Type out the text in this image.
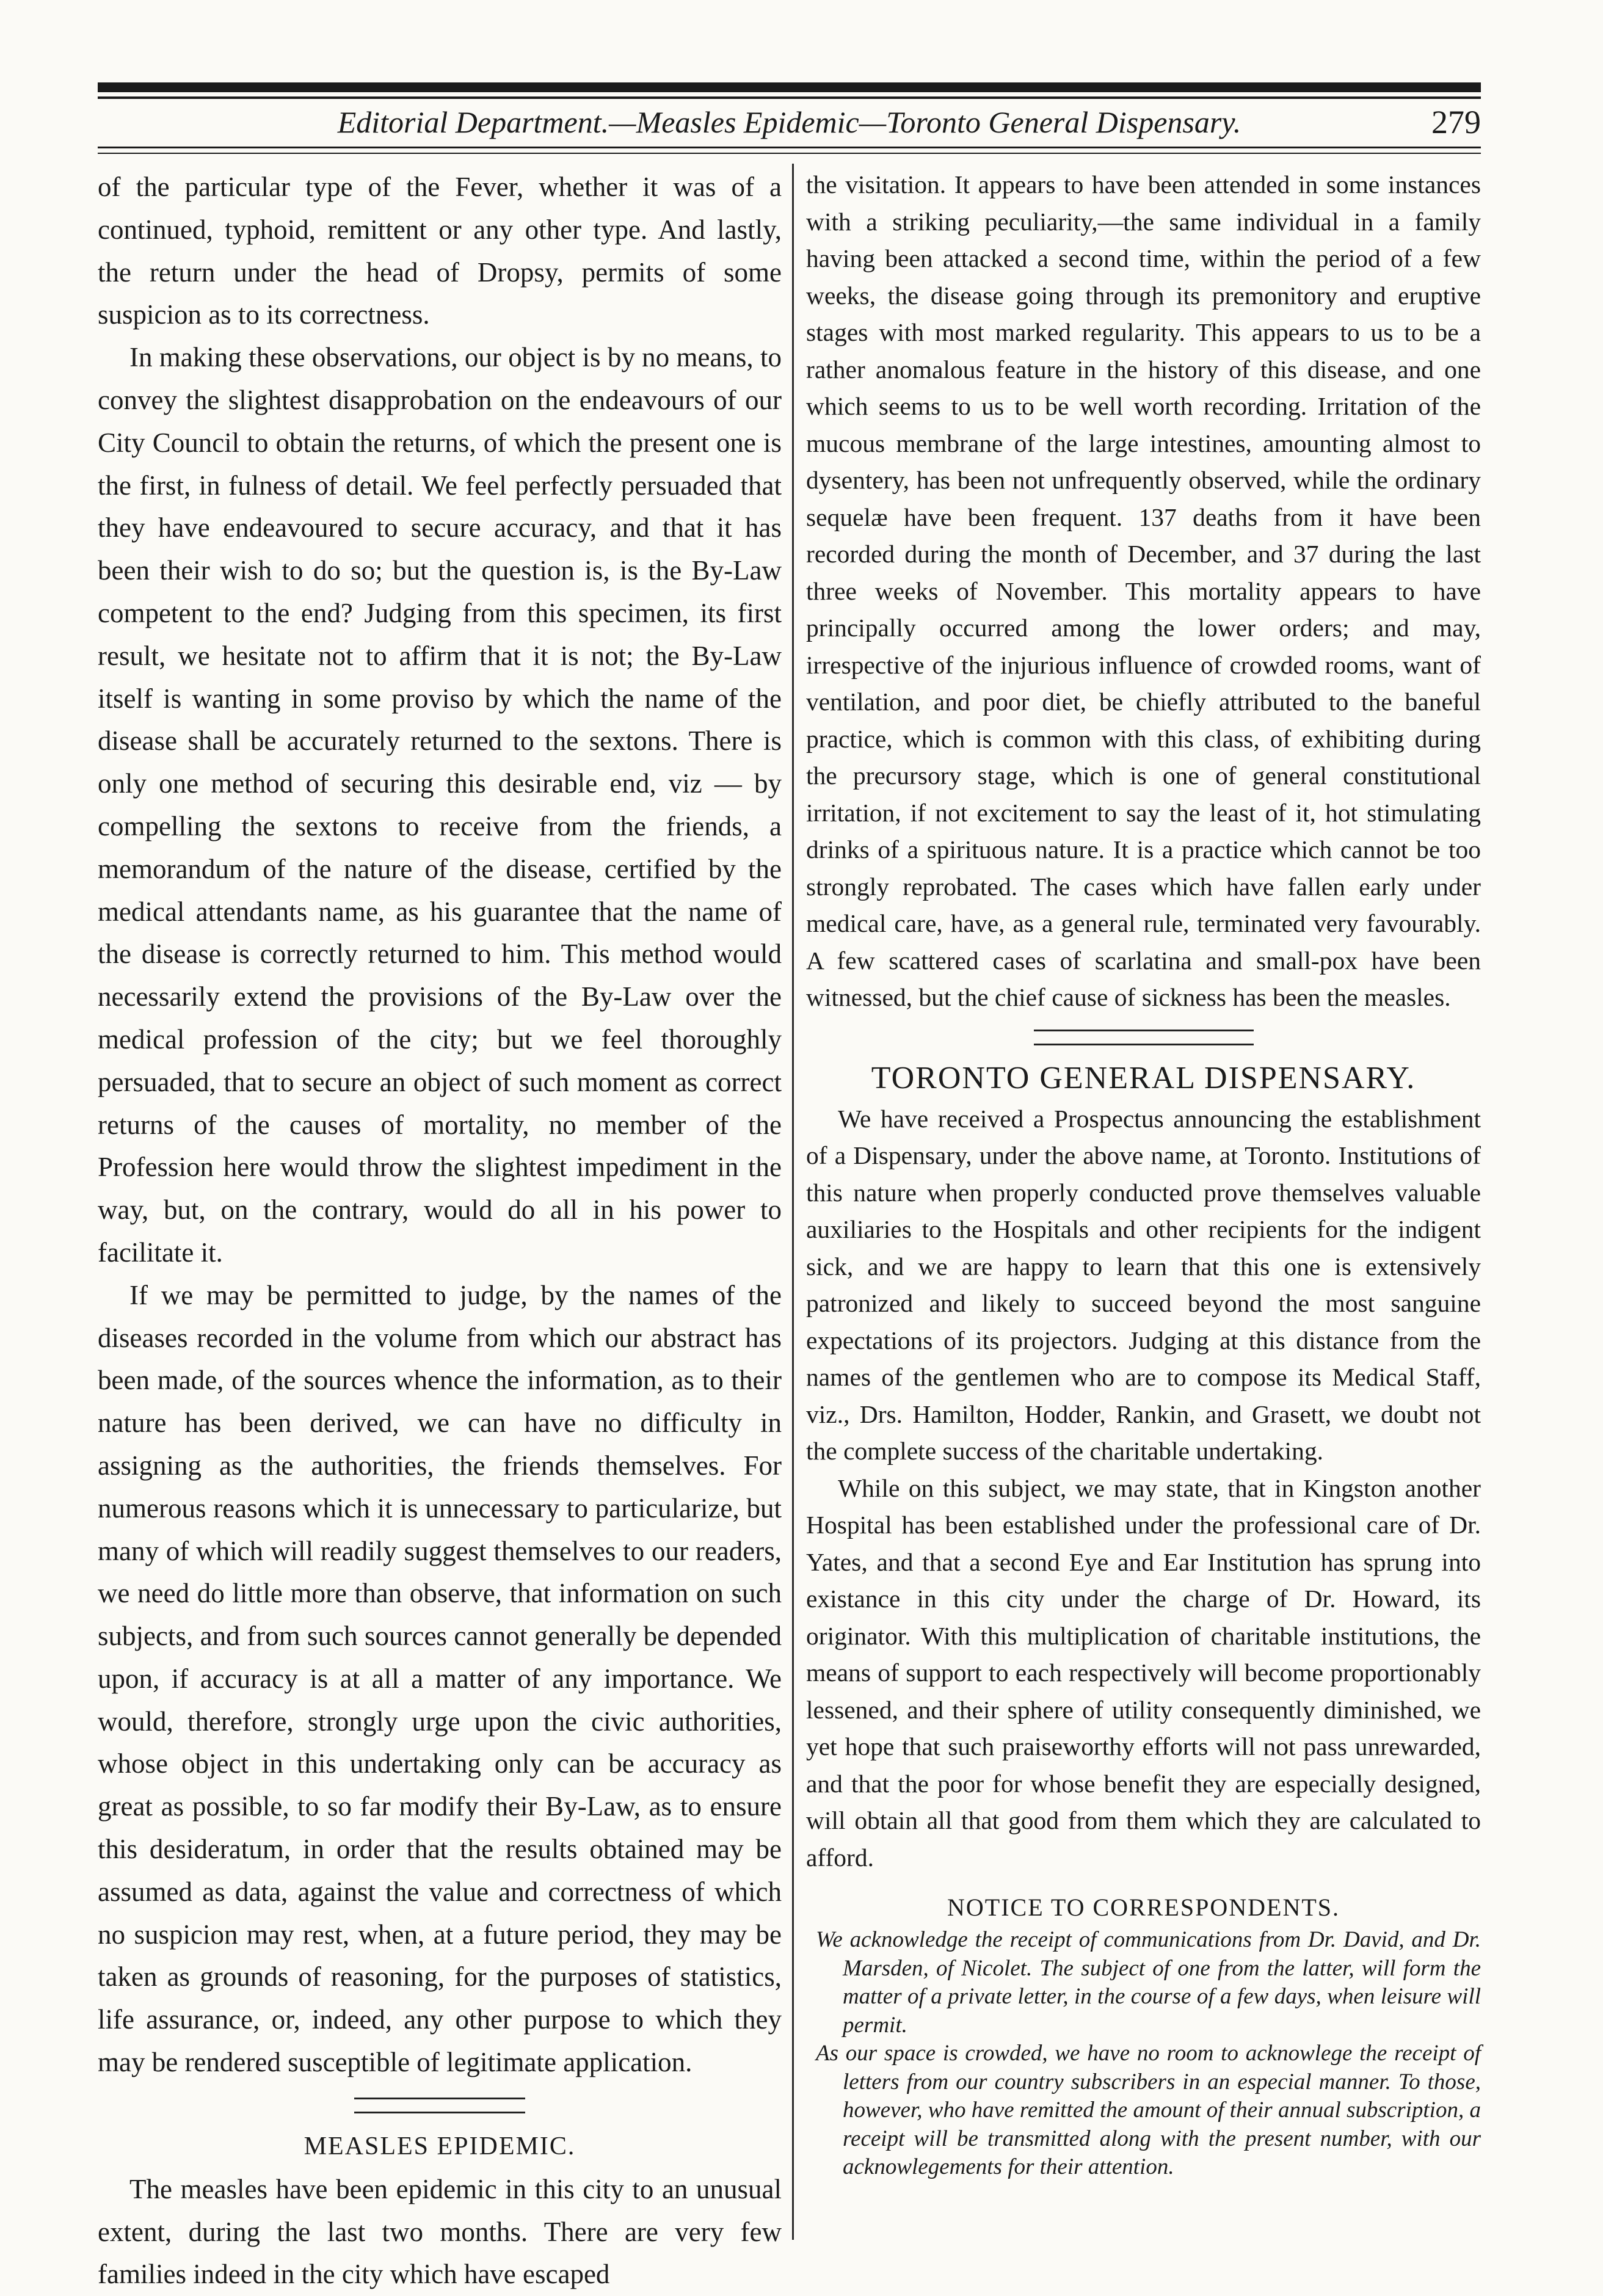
Editorial Department.—Measles Epidemic—Toronto General Dispensary.	279

of the particular type of the Fever, whether it was of a continued, typhoid, remittent or any other type. And lastly, the return under the head of Dropsy, permits of some suspicion as to its correctness.

In making these observations, our object is by no means, to convey the slightest disapprobation on the endeavours of our City Council to obtain the returns, of which the present one is the first, in fulness of detail. We feel perfectly persuaded that they have endeavoured to secure accuracy, and that it has been their wish to do so; but the question is, is the By-Law competent to the end? Judging from this specimen, its first result, we hesitate not to affirm that it is not; the By-Law itself is wanting in some proviso by which the name of the disease shall be accurately returned to the sextons. There is only one method of securing this desirable end, viz — by compelling the sextons to receive from the friends, a memorandum of the nature of the disease, certified by the medical attendants name, as his guarantee that the name of the disease is correctly returned to him. This method would necessarily extend the provisions of the By-Law over the medical profession of the city; but we feel thoroughly persuaded, that to secure an object of such moment as correct returns of the causes of mortality, no member of the Profession here would throw the slightest impediment in the way, but, on the contrary, would do all in his power to facilitate it.

If we may be permitted to judge, by the names of the diseases recorded in the volume from which our abstract has been made, of the sources whence the information, as to their nature has been derived, we can have no difficulty in assigning as the authorities, the friends themselves. For numerous reasons which it is unnecessary to particularize, but many of which will readily suggest themselves to our readers, we need do little more than observe, that information on such subjects, and from such sources cannot generally be depended upon, if accuracy is at all a matter of any importance. We would, therefore, strongly urge upon the civic authorities, whose object in this undertaking only can be accuracy as great as possible, to so far modify their By-Law, as to ensure this desideratum, in order that the results obtained may be assumed as data, against the value and correctness of which no suspicion may rest, when, at a future period, they may be taken as grounds of reasoning, for the purposes of statistics, life assurance, or, indeed, any other purpose to which they may be rendered susceptible of legitimate application.

MEASLES EPIDEMIC.

The measles have been epidemic in this city to an unusual extent, during the last two months. There are very few families indeed in the city which have escaped

the visitation. It appears to have been attended in some instances with a striking peculiarity,—the same individual in a family having been attacked a second time, within the period of a few weeks, the disease going through its premonitory and eruptive stages with most marked regularity. This appears to us to be a rather anomalous feature in the history of this disease, and one which seems to us to be well worth recording. Irritation of the mucous membrane of the large intestines, amounting almost to dysentery, has been not unfrequently observed, while the ordinary sequelæ have been frequent. 137 deaths from it have been recorded during the month of December, and 37 during the last three weeks of November. This mortality appears to have principally occurred among the lower orders; and may, irrespective of the injurious influence of crowded rooms, want of ventilation, and poor diet, be chiefly attributed to the baneful practice, which is common with this class, of exhibiting during the precursory stage, which is one of general constitutional irritation, if not excitement to say the least of it, hot stimulating drinks of a spirituous nature. It is a practice which cannot be too strongly reprobated. The cases which have fallen early under medical care, have, as a general rule, terminated very favourably. A few scattered cases of scarlatina and small-pox have been witnessed, but the chief cause of sickness has been the measles.

TORONTO GENERAL DISPENSARY.

We have received a Prospectus announcing the establishment of a Dispensary, under the above name, at Toronto. Institutions of this nature when properly conducted prove themselves valuable auxiliaries to the Hospitals and other recipients for the indigent sick, and we are happy to learn that this one is extensively patronized and likely to succeed beyond the most sanguine expectations of its projectors. Judging at this distance from the names of the gentlemen who are to compose its Medical Staff, viz., Drs. Hamilton, Hodder, Rankin, and Grasett, we doubt not the complete success of the charitable undertaking.

While on this subject, we may state, that in Kingston another Hospital has been established under the professional care of Dr. Yates, and that a second Eye and Ear Institution has sprung into existance in this city under the charge of Dr. Howard, its originator. With this multiplication of charitable institutions, the means of support to each respectively will become proportionably lessened, and their sphere of utility consequently diminished, we yet hope that such praiseworthy efforts will not pass unrewarded, and that the poor for whose benefit they are especially designed, will obtain all that good from them which they are calculated to afford.

NOTICE TO CORRESPONDENTS.

We acknowledge the receipt of communications from Dr. David, and Dr. Marsden, of Nicolet. The subject of one from the latter, will form the matter of a private letter, in the course of a few days, when leisure will permit.

As our space is crowded, we have no room to acknowlege the receipt of letters from our country subscribers in an especial manner. To those, however, who have remitted the amount of their annual subscription, a receipt will be transmitted along with the present number, with our acknowlegements for their attention.
